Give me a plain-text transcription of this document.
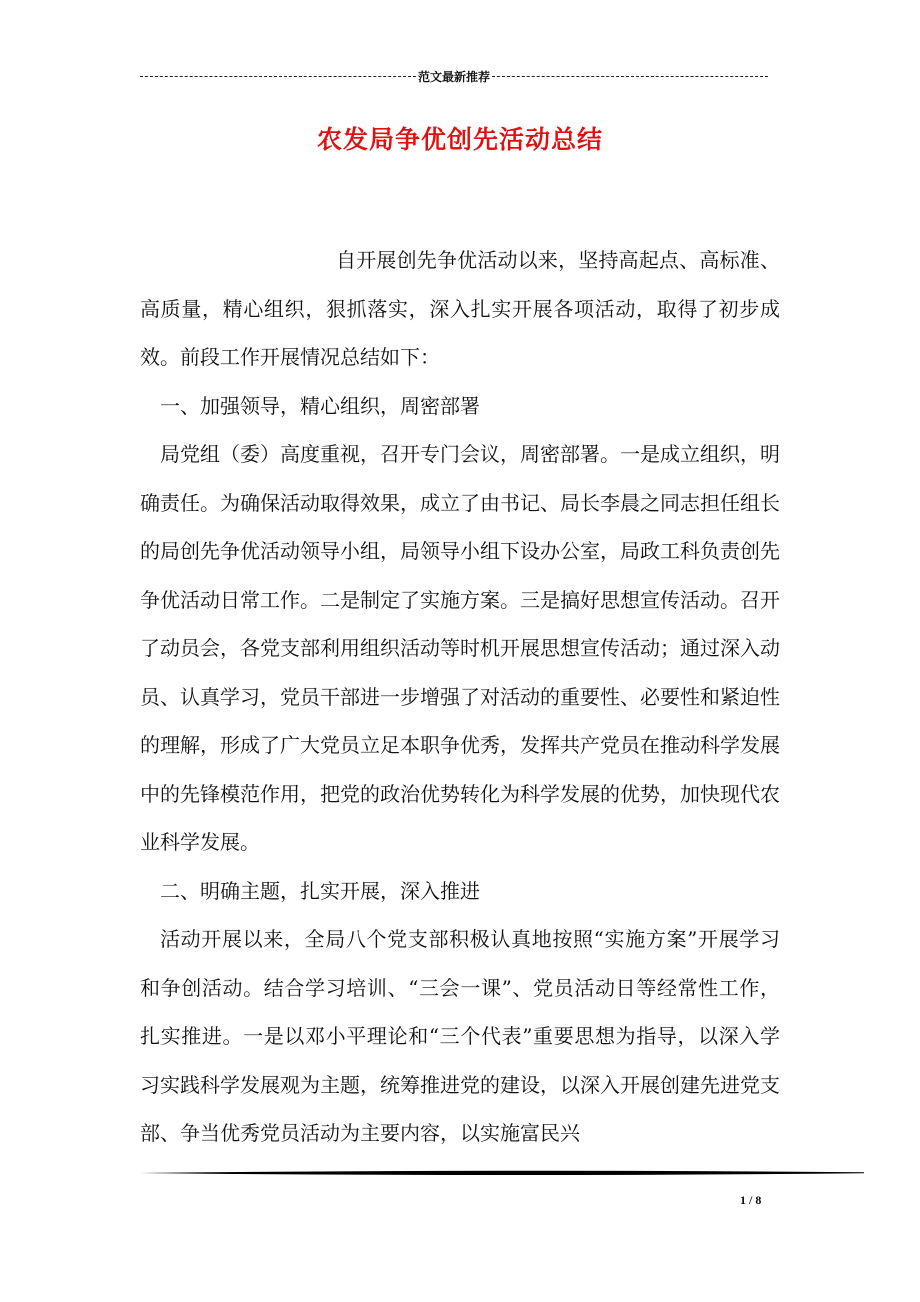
范文最新推荐
农发局争优创先活动总结

自开展创先争优活动以来，坚持高起点、高标准、高质量，精心组织，狠抓落实，深入扎实开展各项活动，取得了初步成效。前段工作开展情况总结如下：

一、加强领导，精心组织，周密部署

局党组（委）高度重视，召开专门会议，周密部署。一是成立组织，明确责任。为确保活动取得效果，成立了由书记、局长李晨之同志担任组长的局创先争优活动领导小组，局领导小组下设办公室，局政工科负责创先争优活动日常工作。二是制定了实施方案。三是搞好思想宣传活动。召开了动员会，各党支部利用组织活动等时机开展思想宣传活动；通过深入动员、认真学习，党员干部进一步增强了对活动的重要性、必要性和紧迫性的理解，形成了广大党员立足本职争优秀，发挥共产党员在推动科学发展中的先锋模范作用，把党的政治优势转化为科学发展的优势，加快现代农业科学发展。

二、明确主题，扎实开展，深入推进

活动开展以来，全局八个党支部积极认真地按照“实施方案”开展学习和争创活动。结合学习培训、“三会一课”、党员活动日等经常性工作，扎实推进。一是以邓小平理论和“三个代表”重要思想为指导，以深入学习实践科学发展观为主题，统筹推进党的建设，以深入开展创建先进党支部、争当优秀党员活动为主要内容，以实施富民兴

1 / 8
